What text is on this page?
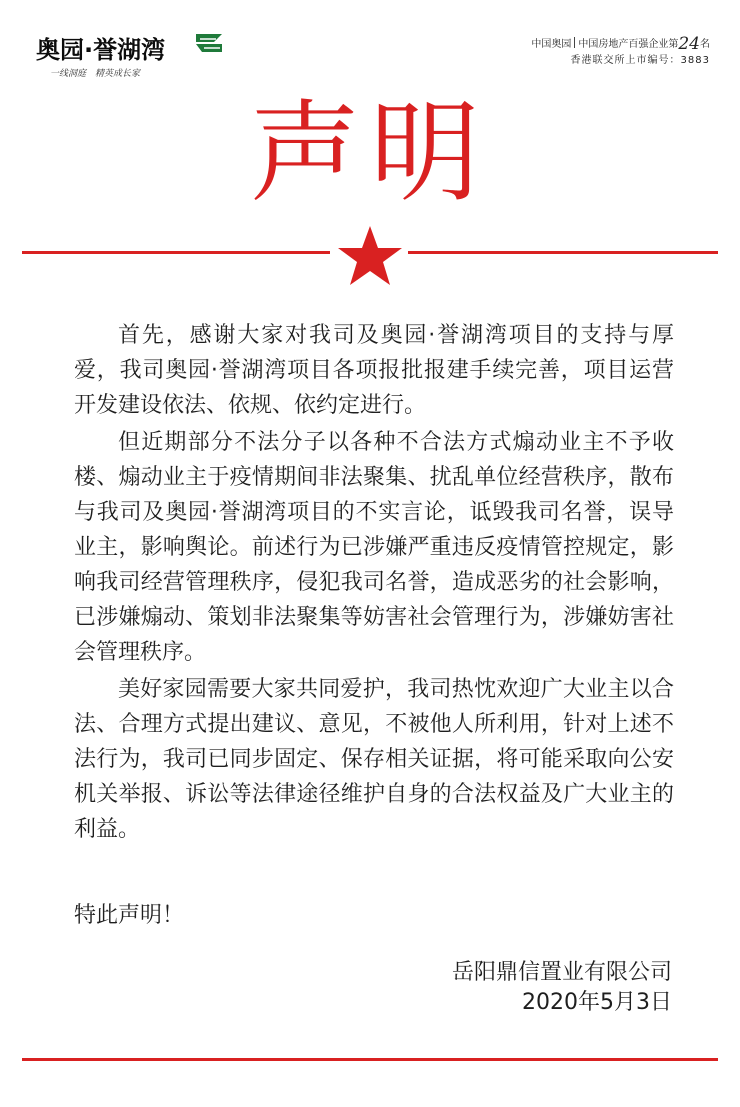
奥园·誉湖湾
一线洞庭　精英成长家
中国奥园 中国房地产百强企业第24名
香港联交所上市编号：3883
声明

首先，感谢大家对我司及奥园·誉湖湾项目的支持与厚爱，我司奥园·誉湖湾项目各项报批报建手续完善，项目运营开发建设依法、依规、依约定进行。

但近期部分不法分子以各种不合法方式煽动业主不予收楼、煽动业主于疫情期间非法聚集、扰乱单位经营秩序，散布与我司及奥园·誉湖湾项目的不实言论，诋毁我司名誉，误导业主，影响舆论。前述行为已涉嫌严重违反疫情管控规定，影响我司经营管理秩序，侵犯我司名誉，造成恶劣的社会影响，已涉嫌煽动、策划非法聚集等妨害社会管理行为，涉嫌妨害社会管理秩序。

美好家园需要大家共同爱护，我司热忱欢迎广大业主以合法、合理方式提出建议、意见，不被他人所利用，针对上述不法行为，我司已同步固定、保存相关证据，将可能采取向公安机关举报、诉讼等法律途径维护自身的合法权益及广大业主的利益。

特此声明！
岳阳鼎信置业有限公司
2020年5月3日
